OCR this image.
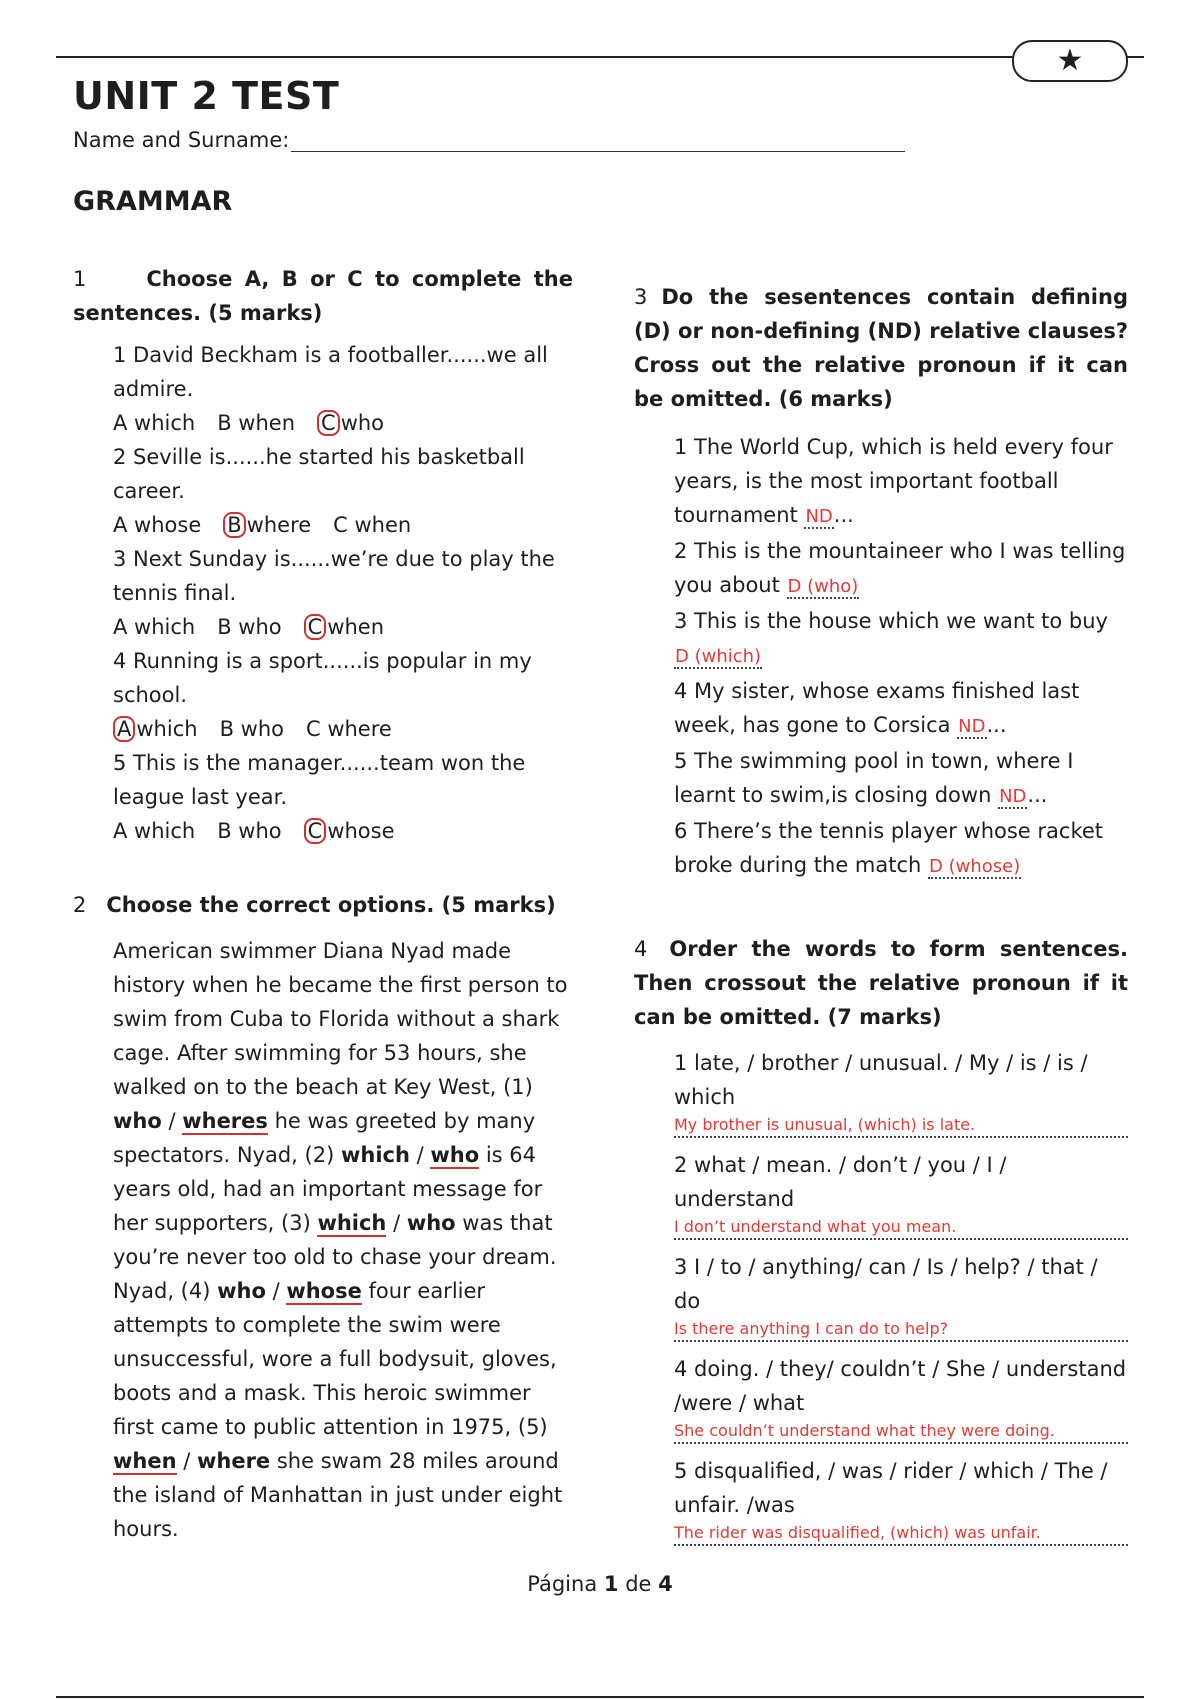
★
UNIT 2 TEST
Name and Surname:
GRAMMAR
1	Choose A, B or C to complete the sentences. (5 marks)

1 David Beckham is a footballer......we all admire.

A which B when C who

2 Seville is......he started his basketball career.

A whose B where C when

3 Next Sunday is......we’re due to play the tennis final.

A which B who C when

4 Running is a sport......is popular in my school.

A which B who C where

5 This is the manager......team won the league last year.

A which B who C whose
2 Choose the correct options. (5 marks)

American swimmer Diana Nyad made history when he became the first person to swim from Cuba to Florida without a shark cage. After swimming for 53 hours, she walked on to the beach at Key West, (1) who / wheres he was greeted by many spectators. Nyad, (2) which / who is 64 years old, had an important message for her supporters, (3) which / who was that you’re never too old to chase your dream. Nyad, (4) who / whose four earlier attempts to complete the swim were unsuccessful, wore a full bodysuit, gloves, boots and a mask. This heroic swimmer first came to public attention in 1975, (5) when / where she swam 28 miles around the island of Manhattan in just under eight hours.

3 Do the sesentences contain defining (D) or non-defining (ND) relative clauses? Cross out the relative pronoun if it can be omitted. (6 marks)

1 The World Cup, which is held every four years, is the most important football tournament ND...

2 This is the mountaineer who I was telling you about D (who)

3 This is the house which we want to buy D (which)

4 My sister, whose exams finished last week, has gone to Corsica ND...

5 The swimming pool in town, where I learnt to swim,is closing down ND...

6 There’s the tennis player whose racket broke during the match D (whose)

4 Order the words to form sentences. Then crossout the relative pronoun if it can be omitted. (7 marks)

1 late, / brother / unusual. / My / is / is / which

My brother is unusual, (which) is late.

2 what / mean. / don’t / you / I / understand

I don’t understand what you mean.

3 I / to / anything/ can / Is / help? / that / do

Is there anything I can do to help?

4 doing. / they/ couldn’t / She / understand /were / what

She couldn’t understand what they were doing.

5 disqualified, / was / rider / which / The / unfair. /was

The rider was disqualified, (which) was unfair.
Página 1 de 4
